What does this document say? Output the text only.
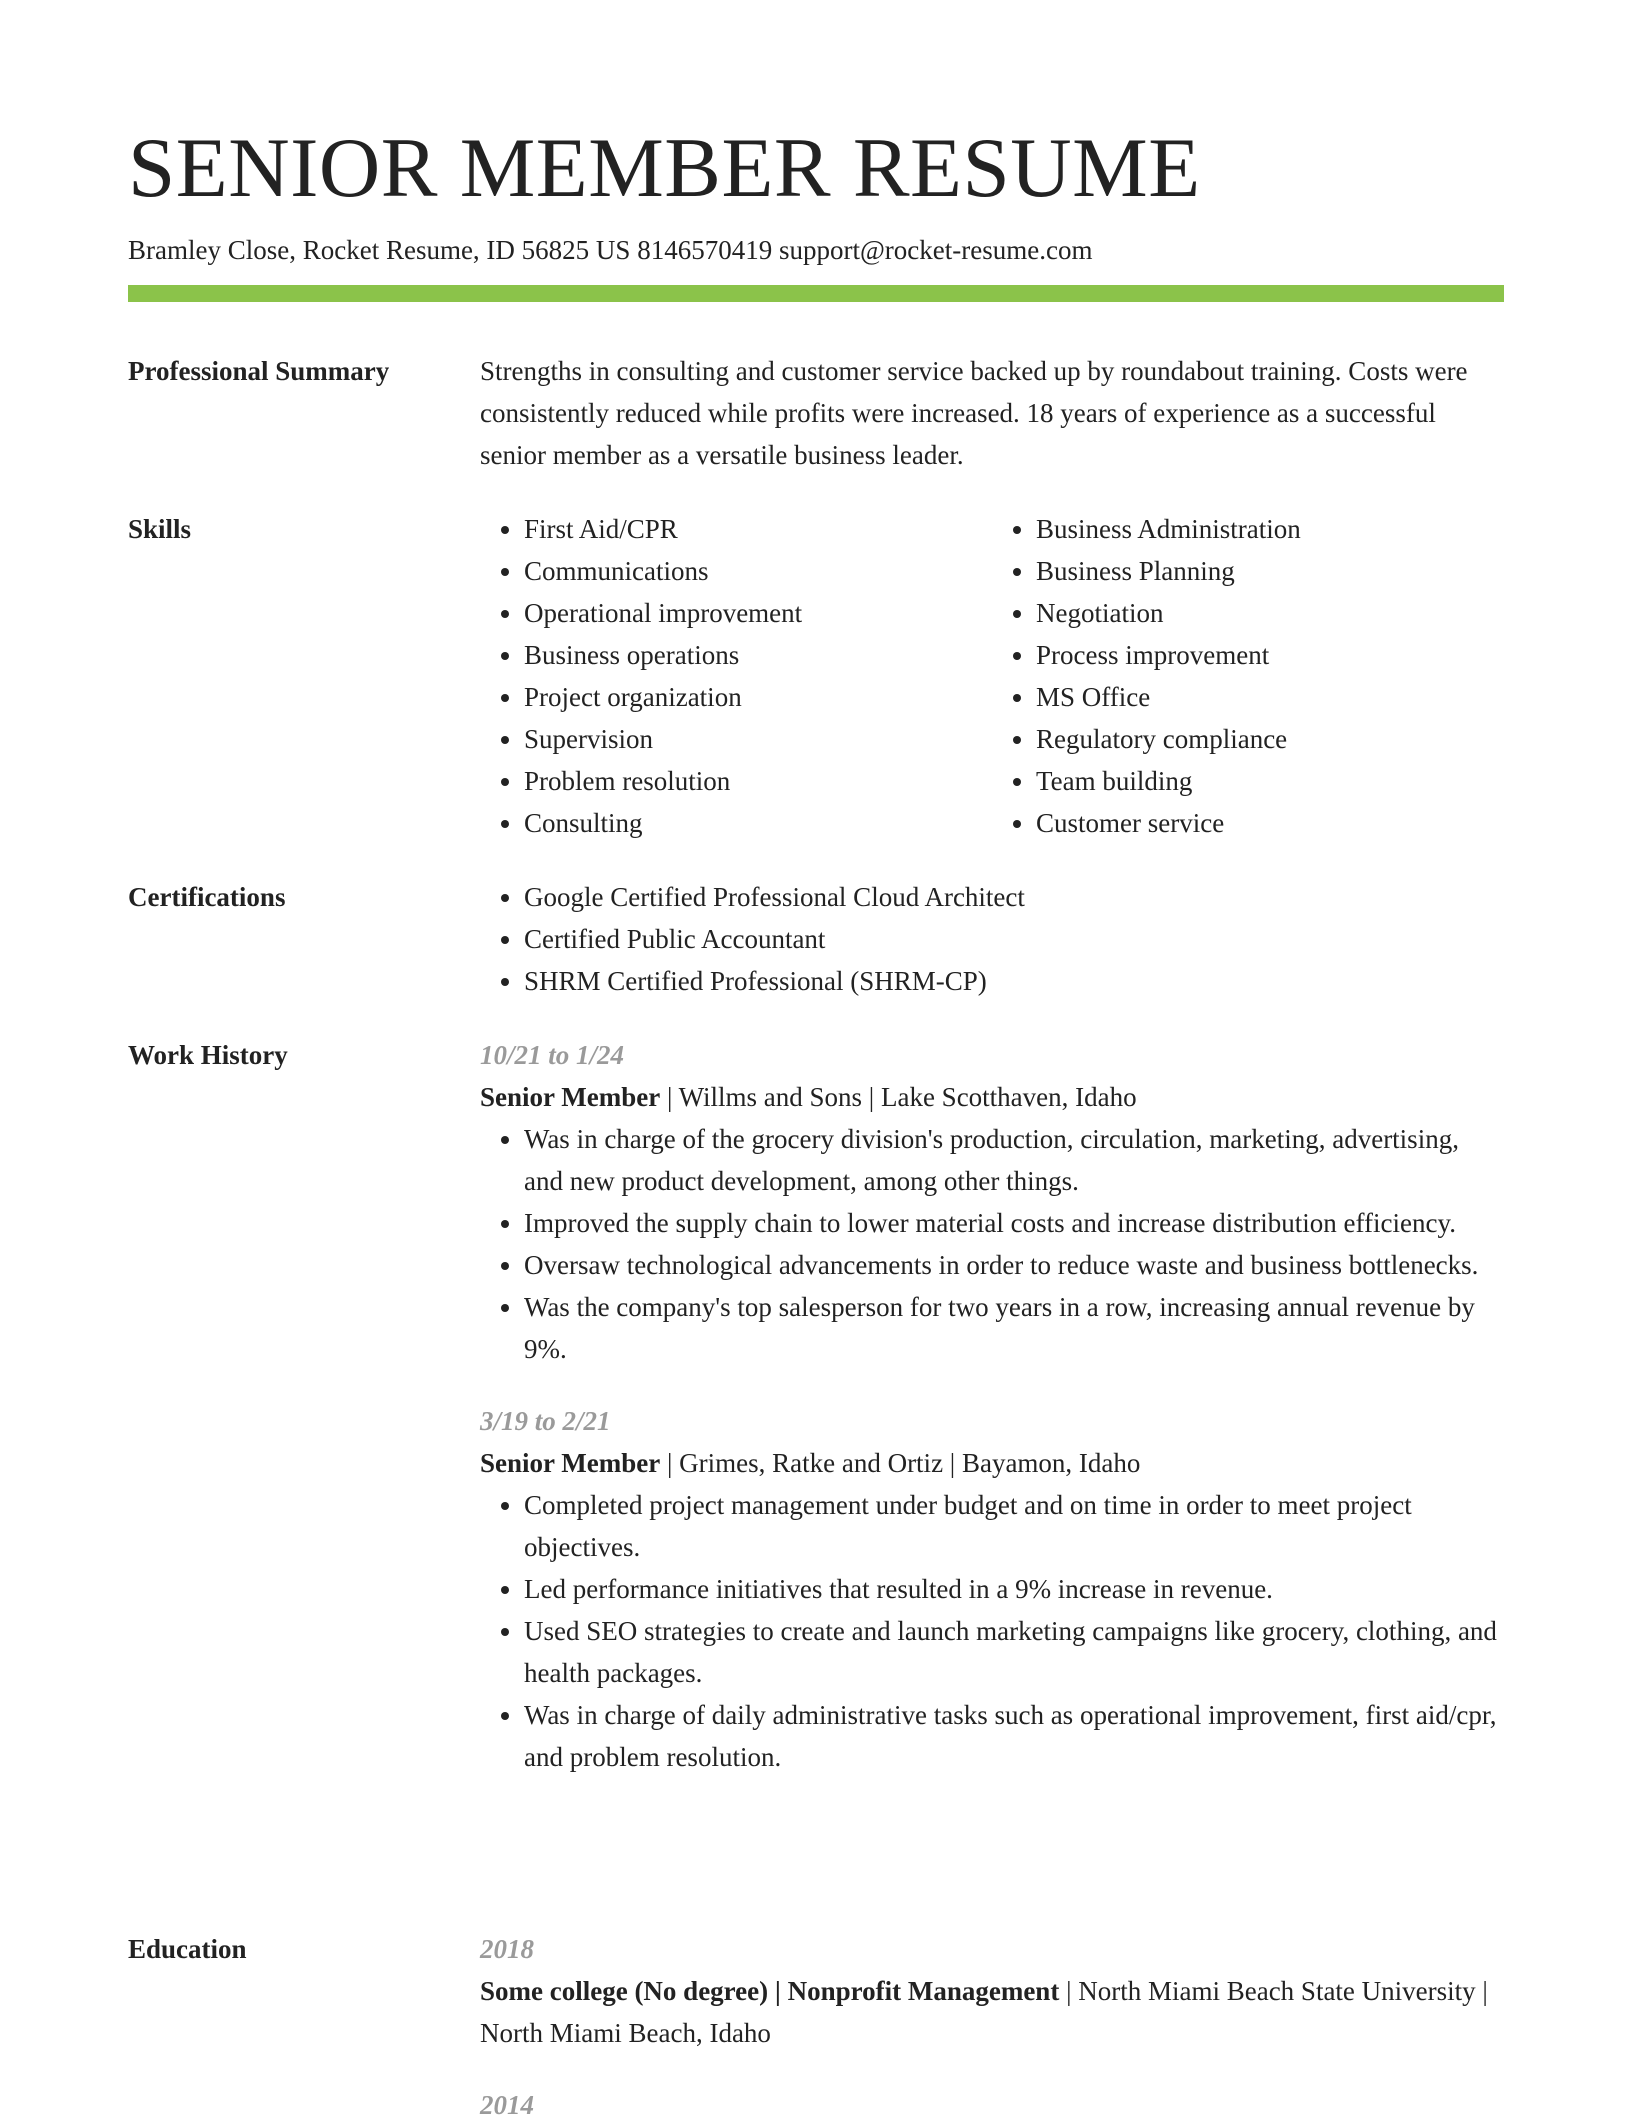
SENIOR MEMBER RESUME
Bramley Close, Rocket Resume, ID 56825 US 8146570419 support@rocket-resume.com
Professional Summary	Strengths in consulting and customer service backed up by roundabout training. Costs were consistently reduced while profits were increased. 18 years of experience as a successful senior member as a versatile business leader.

Skills	• First Aid/CPR
• Communications
• Operational improvement
• Business operations
• Project organization
• Supervision
• Problem resolution
• Consulting
• Business Administration
• Business Planning
• Negotiation
• Process improvement
• MS Office
• Regulatory compliance
• Team building
• Customer service
Certifications	• Google Certified Professional Cloud Architect
• Certified Public Accountant
• SHRM Certified Professional (SHRM-CP)
Work History	10/21 to 1/24
Senior Member | Willms and Sons | Lake Scotthaven, Idaho
• Was in charge of the grocery division's production, circulation, marketing, advertising, and new product development, among other things.
• Improved the supply chain to lower material costs and increase distribution efficiency.
• Oversaw technological advancements in order to reduce waste and business bottlenecks.
• Was the company's top salesperson for two years in a row, increasing annual revenue by 9%.
3/19 to 2/21
Senior Member | Grimes, Ratke and Ortiz | Bayamon, Idaho
• Completed project management under budget and on time in order to meet project objectives.
• Led performance initiatives that resulted in a 9% increase in revenue.
• Used SEO strategies to create and launch marketing campaigns like grocery, clothing, and health packages.
• Was in charge of daily administrative tasks such as operational improvement, first aid/cpr, and problem resolution.
Education	2018
Some college (No degree) | Nonprofit Management | North Miami Beach State University | North Miami Beach, Idaho
2014
